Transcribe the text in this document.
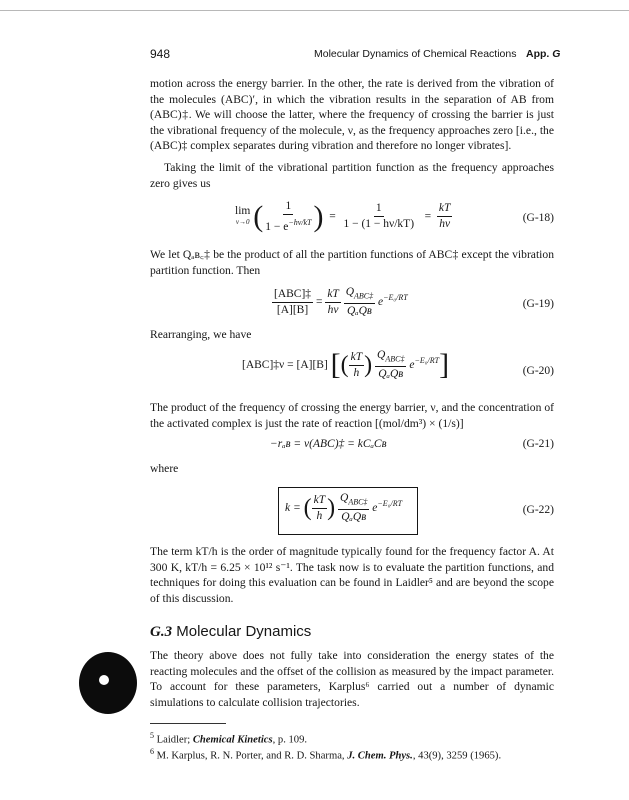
948	Molecular Dynamics of Chemical Reactions App. G

motion across the energy barrier. In the other, the rate is derived from the vibration of the molecules (ABC)′, in which the vibration results in the separation of AB from (ABC)‡. We will choose the latter, where the frequency of crossing the barrier is just the vibrational frequency of the molecule, ν, as the frequency approaches zero [i.e., the (ABC)‡ complex separates during vibration and therefore no longer vibrates].

Taking the limit of the vibrational partition function as the frequency approaches zero gives us

lim
ν→0 ( $\frac{1}{1 - e^{-h\nu/kT}}$ )  = $\frac{1}{1 - (1 - h\nu/kT)} = \frac{kT}{h\nu}$	(G-18)

We let Qₐʙ꜀‡ be the product of all the partition functions of ABC‡ except the vibration partition function. Then

$\frac{\text{[ABC]‡}}{[A][B]} = \frac{kT}{h\nu}$
$\frac{Q_{ABC\ddagger}}{\text{QₐQʙ}} e^{-E_0/RT}$
(G-19)

Rearranging, we have

[ABC]‡ν = [A][B] [( $\frac{kT}{h}$ ) $\frac{Q_{ABC\ddagger}}{\text{QₐQʙ}} e^{-E_0/RT}$]	(G-20)

The product of the frequency of crossing the energy barrier, ν, and the concentration of the activated complex is just the rate of reaction [(mol/dm³) × (1/s)]

−rₐʙ = ν(ABC)‡ = kCₐCʙ	(G-21)
where
k = ( $\frac{kT}{h}$ ) $\frac{Q_{ABC\ddagger}}{\text{QₐQʙ}} e^{-E_0/RT}$
(G-22)

The term kT/h is the order of magnitude typically found for the frequency factor A. At 300 K, kT/h = 6.25 × 10¹² s⁻¹. The task now is to evaluate the partition functions, and techniques for doing this evaluation can be found in Laidler⁵ and are beyond the scope of this discussion.

G.3 Molecular Dynamics

The theory above does not fully take into consideration the energy states of the reacting molecules and the offset of the collision as measured by the impact parameter. To account for these parameters, Karplus⁶ carried out a number of dynamic simulations to calculate collision trajectories.

$^5$ Laidler; Chemical Kinetics, p. 109.
$^6$ M. Karplus, R. N. Porter, and R. D. Sharma, J. Chem. Phys., 43(9), 3259 (1965).
